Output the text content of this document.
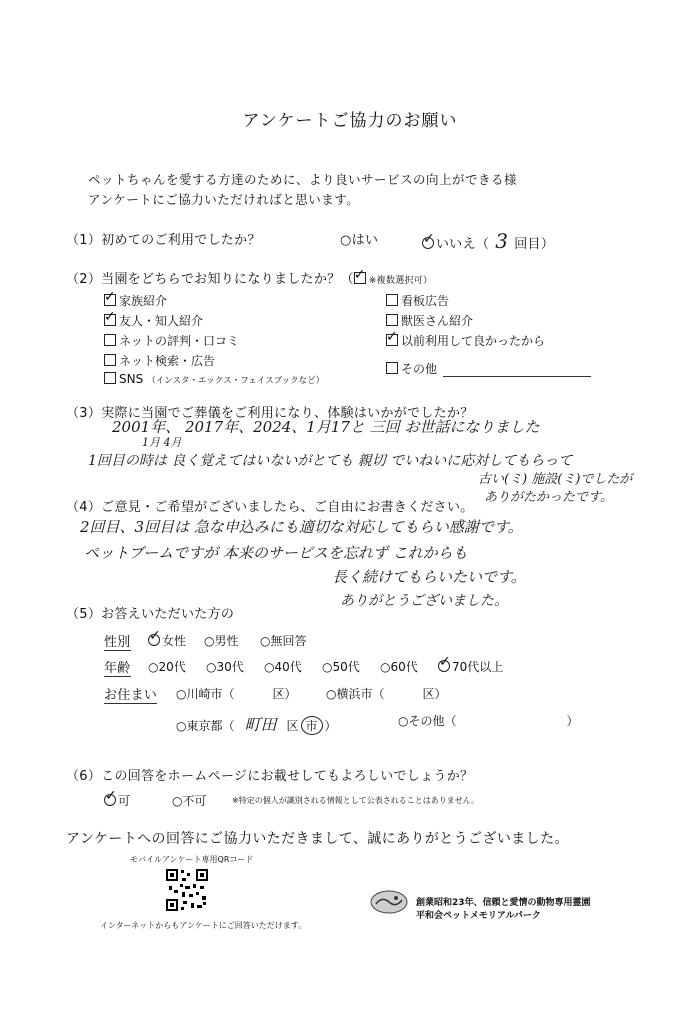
アンケートご協力のお願い
ペットちゃんを愛する方達のために、より良いサービスの向上ができる様
アンケートにご協力いただければと思います。
（1）初めてのご利用でしたか？	○はい	✓ いいえ（ 3 回目）
（2）当園をどちらでお知りになりましたか？（ ✓ ※複数選択可）
✓ 家族紹介
✓ 友人・知人紹介
ネットの評判・口コミ
ネット検索・広告
SNS （インスタ・エックス・フェイスブックなど）
看板広告
獣医さん紹介
✓ 以前利用して良かったから
その他
（3）実際に当園でご葬儀をご利用になり、体験はいかがでしたか？
2001年、 2017年、2024、1月17と 三回 お世話になりました
1月 4月
1回目の時は 良く覚えてはいないがとても 親切 でいねいに応対してもらって
古い(ミ) 施設(ミ)でしたが
ありがたかったです。
（4）ご意見・ご希望がございましたら、ご自由にお書きください。
2回目、3回目は 急な申込みにも適切な対応してもらい感謝です。
ペットブームですが 本来のサービスを忘れず これからも
長く続けてもらいたいです。
ありがとうございました。
（5）お答えいただいた方の
性別 ✓ 女性 ○男性 ○無回答
年齢 ○20代 ○30代 ○40代 ○50代 ○60代 ✓ 70代以上
お住まい ○川崎市（	区） ○横浜市（	区）
○東京都（ 町田 区 市 ）	○その他（	）
（6）この回答をホームページにお載せしてもよろしいでしょうか？
✓ 可	○不可	※特定の個人が識別される情報として公表されることはありません。
アンケートへの回答にご協力いただきまして、誠にありがとうございました。
モバイルアンケート専用QRコード
インターネットからもアンケートにご回答いただけます。
創業昭和23年、信頼と愛情の動物専用霊園
平和会ペットメモリアルパーク
